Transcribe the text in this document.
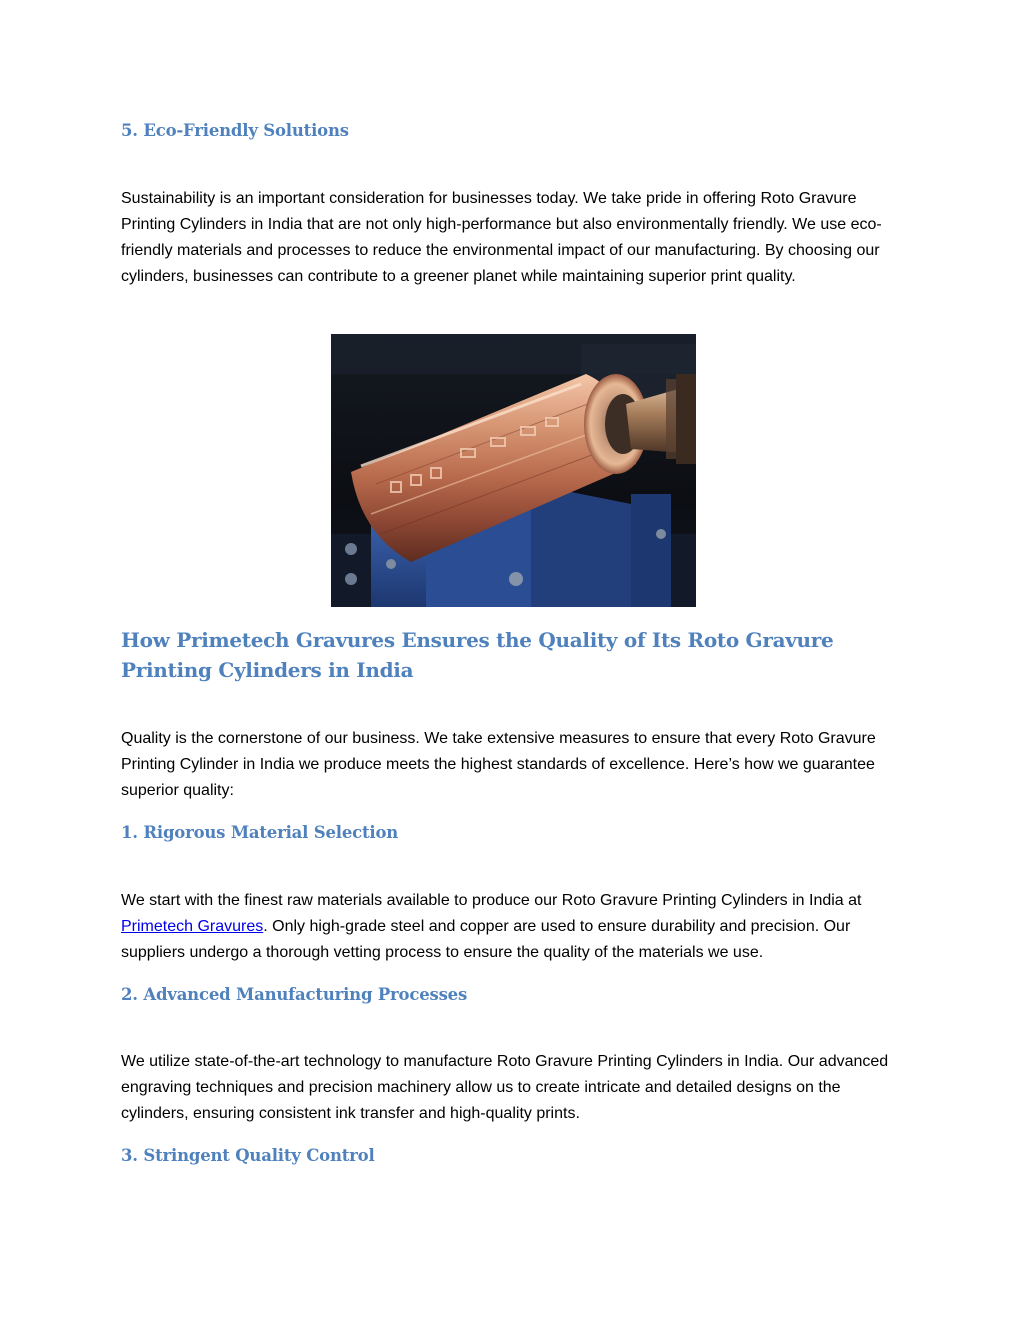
5. Eco-Friendly Solutions

Sustainability is an important consideration for businesses today. We take pride in offering Roto Gravure Printing Cylinders in India that are not only high-performance but also environmentally friendly. We use eco-friendly materials and processes to reduce the environmental impact of our manufacturing. By choosing our cylinders, businesses can contribute to a greener planet while maintaining superior print quality.

How Primetech Gravures Ensures the Quality of Its Roto Gravure Printing Cylinders in India

Quality is the cornerstone of our business. We take extensive measures to ensure that every Roto Gravure Printing Cylinder in India we produce meets the highest standards of excellence. Here’s how we guarantee superior quality:

1. Rigorous Material Selection

We start with the finest raw materials available to produce our Roto Gravure Printing Cylinders in India at Primetech Gravures. Only high-grade steel and copper are used to ensure durability and precision. Our suppliers undergo a thorough vetting process to ensure the quality of the materials we use.

2. Advanced Manufacturing Processes

We utilize state-of-the-art technology to manufacture Roto Gravure Printing Cylinders in India. Our advanced engraving techniques and precision machinery allow us to create intricate and detailed designs on the cylinders, ensuring consistent ink transfer and high-quality prints.

3. Stringent Quality Control
